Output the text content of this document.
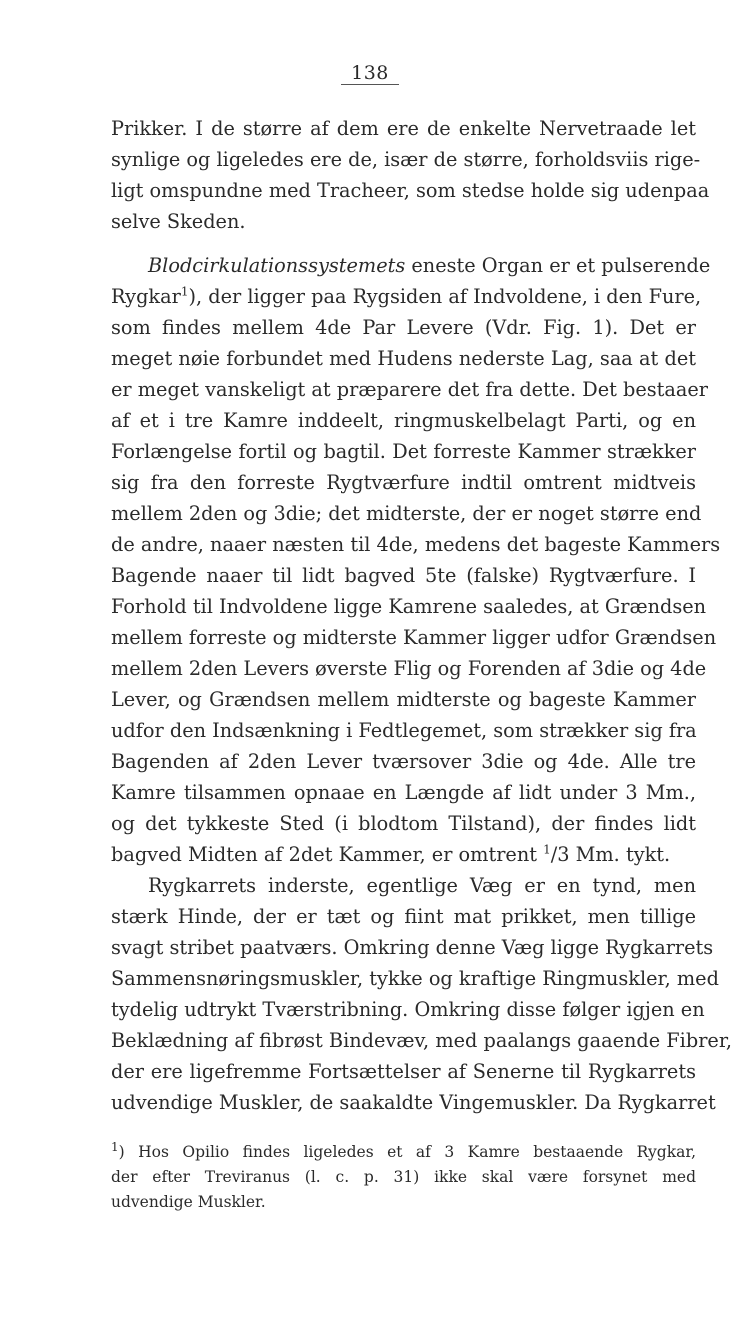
138
Prikker. I de større af dem ere de enkelte Nervetraade let
synlige og ligeledes ere de, især de større, forholdsviis rige-
ligt omspundne med Tracheer, som stedse holde sig udenpaa
selve Skeden.
Blodcirkulationssystemets eneste Organ er et pulserende
Rygkar$^1$), der ligger paa Rygsiden af Indvoldene, i den Fure,
som findes mellem 4de Par Levere (Vdr. Fig. 1). Det er
meget nøie forbundet med Hudens nederste Lag, saa at det
er meget vanskeligt at præparere det fra dette. Det bestaaer
af et i tre Kamre inddeelt, ringmuskelbelagt Parti, og en
Forlængelse fortil og bagtil. Det forreste Kammer strækker
sig fra den forreste Rygtværfure indtil omtrent midtveis
mellem 2den og 3die; det midterste, der er noget større end
de andre, naaer næsten til 4de, medens det bageste Kammers
Bagende naaer til lidt bagved 5te (falske) Rygtværfure. I
Forhold til Indvoldene ligge Kamrene saaledes, at Grændsen
mellem forreste og midterste Kammer ligger udfor Grændsen
mellem 2den Levers øverste Flig og Forenden af 3die og 4de
Lever, og Grændsen mellem midterste og bageste Kammer
udfor den Indsænkning i Fedtlegemet, som strækker sig fra
Bagenden af 2den Lever tværsover 3die og 4de. Alle tre
Kamre tilsammen opnaae en Længde af lidt under 3 Mm.,
og det tykkeste Sted (i blodtom Tilstand), der findes lidt
bagved Midten af 2det Kammer, er omtrent $^1$/3 Mm. tykt.
Rygkarrets inderste, egentlige Væg er en tynd, men
stærk Hinde, der er tæt og fiint mat prikket, men tillige
svagt stribet paatværs. Omkring denne Væg ligge Rygkarrets
Sammensnøringsmuskler, tykke og kraftige Ringmuskler, med
tydelig udtrykt Tværstribning. Omkring disse følger igjen en
Beklædning af fibrøst Bindevæv, med paalangs gaaende Fibrer,
der ere ligefremme Fortsættelser af Senerne til Rygkarrets
udvendige Muskler, de saakaldte Vingemuskler. Da Rygkarret
$^1$) Hos Opilio findes ligeledes et af 3 Kamre bestaaende Rygkar,
der efter Treviranus (l. c. p. 31) ikke skal være forsynet med
udvendige Muskler.
